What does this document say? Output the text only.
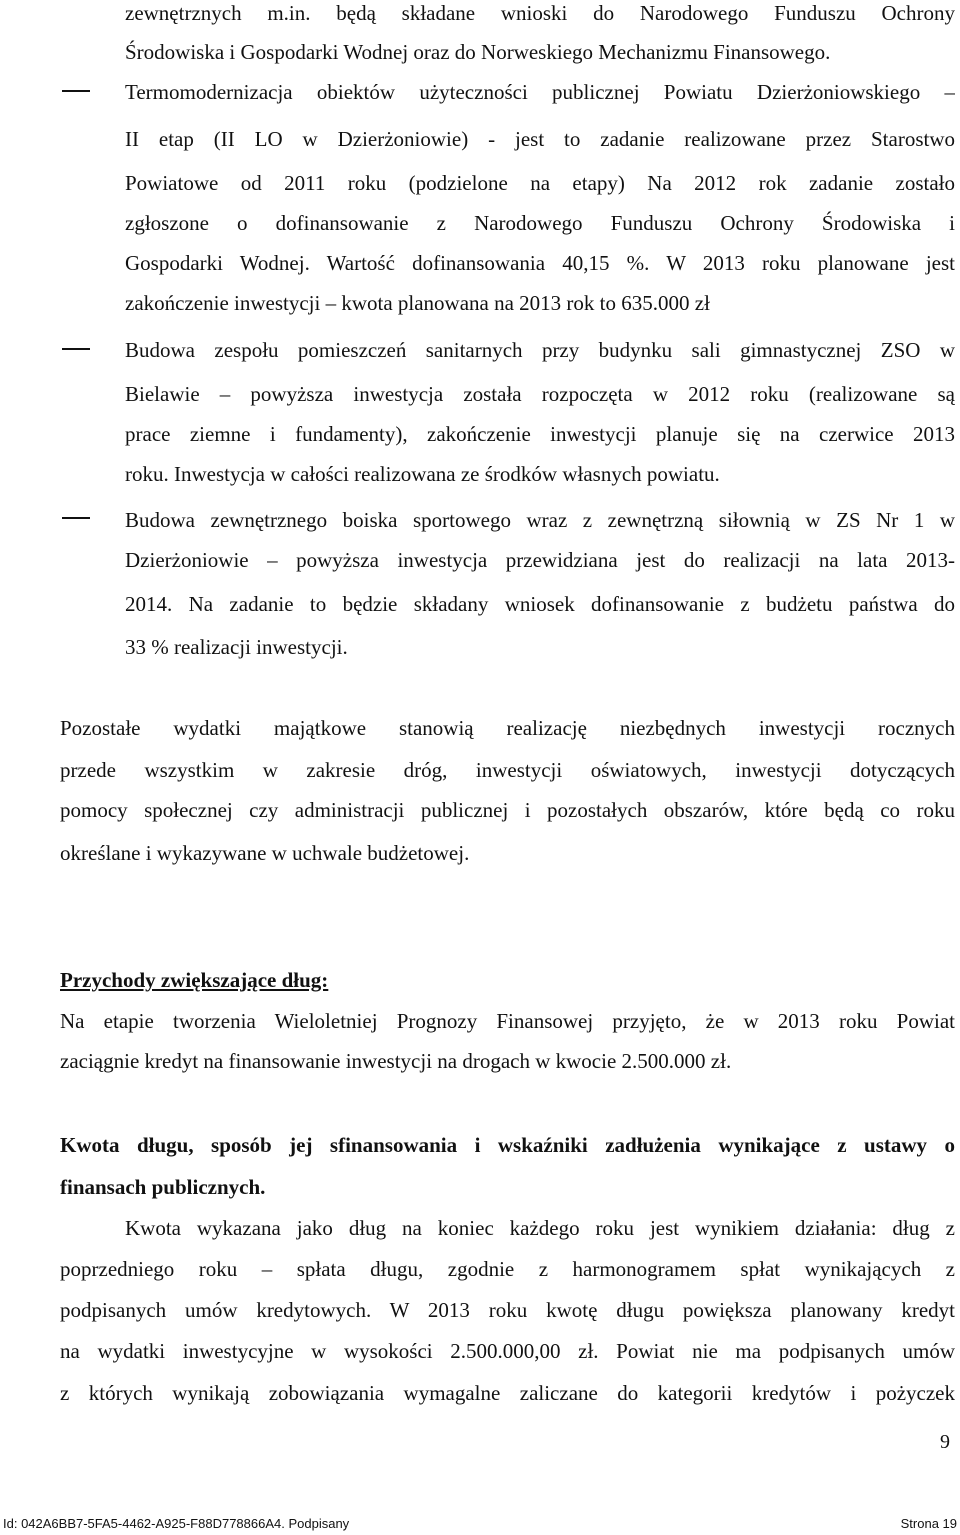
zewnętrznych m.in. będą składane wnioski do Narodowego Funduszu Ochrony
Środowiska i Gospodarki Wodnej oraz do Norweskiego Mechanizmu Finansowego.
Termomodernizacja obiektów użyteczności publicznej Powiatu Dzierżoniowskiego –
II etap (II LO w Dzierżoniowie) - jest to zadanie realizowane przez Starostwo
Powiatowe od 2011 roku (podzielone na etapy) Na 2012 rok zadanie zostało
zgłoszone o dofinansowanie z Narodowego Funduszu Ochrony Środowiska i
Gospodarki Wodnej. Wartość dofinansowania 40,15 %. W 2013 roku planowane jest
zakończenie inwestycji – kwota planowana na 2013 rok to 635.000 zł
Budowa zespołu pomieszczeń sanitarnych przy budynku sali gimnastycznej ZSO w
Bielawie – powyższa inwestycja została rozpoczęta w 2012 roku (realizowane są
prace ziemne i fundamenty), zakończenie inwestycji planuje się na czerwice 2013
roku. Inwestycja w całości realizowana ze środków własnych powiatu.
Budowa zewnętrznego boiska sportowego wraz z zewnętrzną siłownią w ZS Nr 1 w
Dzierżoniowie – powyższa inwestycja przewidziana jest do realizacji na lata 2013-
2014. Na zadanie to będzie składany wniosek dofinansowanie z budżetu państwa do
33 % realizacji inwestycji.
Pozostałe wydatki majątkowe stanowią realizację niezbędnych inwestycji rocznych
przede wszystkim w zakresie dróg, inwestycji oświatowych, inwestycji dotyczących
pomocy społecznej czy administracji publicznej i pozostałych obszarów, które będą co roku
określane i wykazywane w uchwale budżetowej.
Przychody zwiększające dług:
Na etapie tworzenia Wieloletniej Prognozy Finansowej przyjęto, że w 2013 roku Powiat
zaciągnie kredyt na finansowanie inwestycji na drogach w kwocie 2.500.000 zł.
Kwota długu, sposób jej sfinansowania i wskaźniki zadłużenia wynikające z ustawy o
finansach publicznych.
Kwota wykazana jako dług na koniec każdego roku jest wynikiem działania: dług z
poprzedniego roku – spłata długu, zgodnie z harmonogramem spłat wynikających z
podpisanych umów kredytowych. W 2013 roku kwotę długu powiększa planowany kredyt
na wydatki inwestycyjne w wysokości 2.500.000,00 zł. Powiat nie ma podpisanych umów
z których wynikają zobowiązania wymagalne zaliczane do kategorii kredytów i pożyczek
9
Id: 042A6BB7-5FA5-4462-A925-F88D778866A4. Podpisany	Strona 19
